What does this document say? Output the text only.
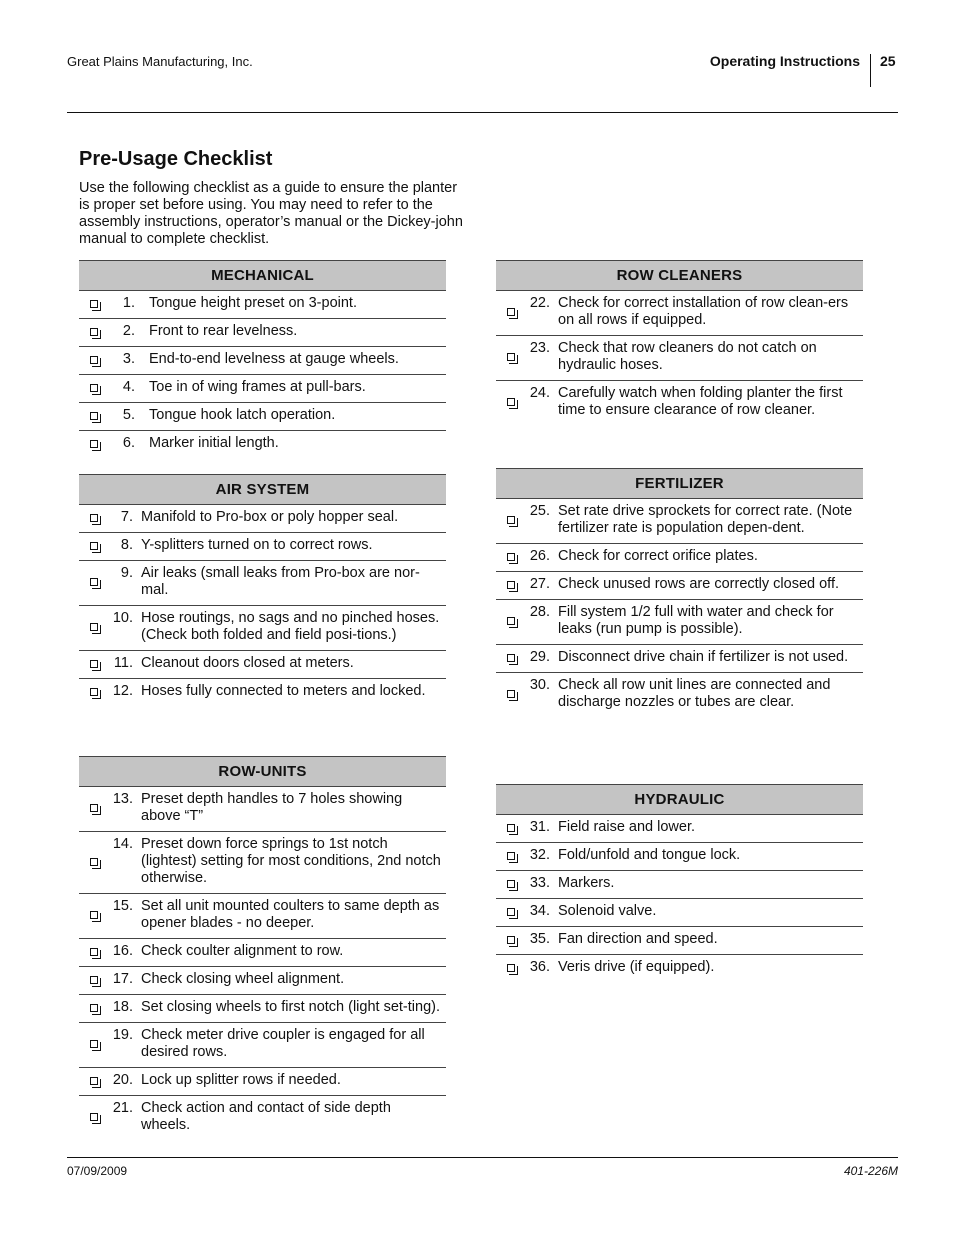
Great Plains Manufacturing, Inc.	Operating Instructions 25
Pre-Usage Checklist
Use the following checklist as a guide to ensure the planter is proper set before using. You may need to refer to the assembly instructions, operator’s manual or the Dickey-john manual to complete checklist.
MECHANICAL
1. Tongue height preset on 3-point.
2. Front to rear levelness.
3. End-to-end levelness at gauge wheels.
4. Toe in of wing frames at pull-bars.
5. Tongue hook latch operation.
6. Marker initial length.
AIR SYSTEM
7. Manifold to Pro-box or poly hopper seal.
8. Y-splitters turned on to correct rows.
9. Air leaks (small leaks from Pro-box are nor-mal.
10. Hose routings, no sags and no pinched hoses. (Check both folded and field posi-tions.)
11. Cleanout doors closed at meters.
12. Hoses fully connected to meters and locked.
ROW-UNITS
13. Preset depth handles to 7 holes showing above “T”
14. Preset down force springs to 1st notch (lightest) setting for most conditions, 2nd notch otherwise.
15. Set all unit mounted coulters to same depth as opener blades - no deeper.
16. Check coulter alignment to row.
17. Check closing wheel alignment.
18. Set closing wheels to first notch (light set-ting).
19. Check meter drive coupler is engaged for all desired rows.
20. Lock up splitter rows if needed.
21. Check action and contact of side depth wheels.
ROW CLEANERS
22. Check for correct installation of row clean-ers on all rows if equipped.
23. Check that row cleaners do not catch on hydraulic hoses.
24. Carefully watch when folding planter the first time to ensure clearance of row cleaner.
FERTILIZER
25. Set rate drive sprockets for correct rate. (Note fertilizer rate is population depen-dent.
26. Check for correct orifice plates.
27. Check unused rows are correctly closed off.
28. Fill system 1/2 full with water and check for leaks (run pump is possible).
29. Disconnect drive chain if fertilizer is not used.
30. Check all row unit lines are connected and discharge nozzles or tubes are clear.
HYDRAULIC
31. Field raise and lower.
32. Fold/unfold and tongue lock.
33. Markers.
34. Solenoid valve.
35. Fan direction and speed.
36. Veris drive (if equipped).
07/09/2009	401-226M
